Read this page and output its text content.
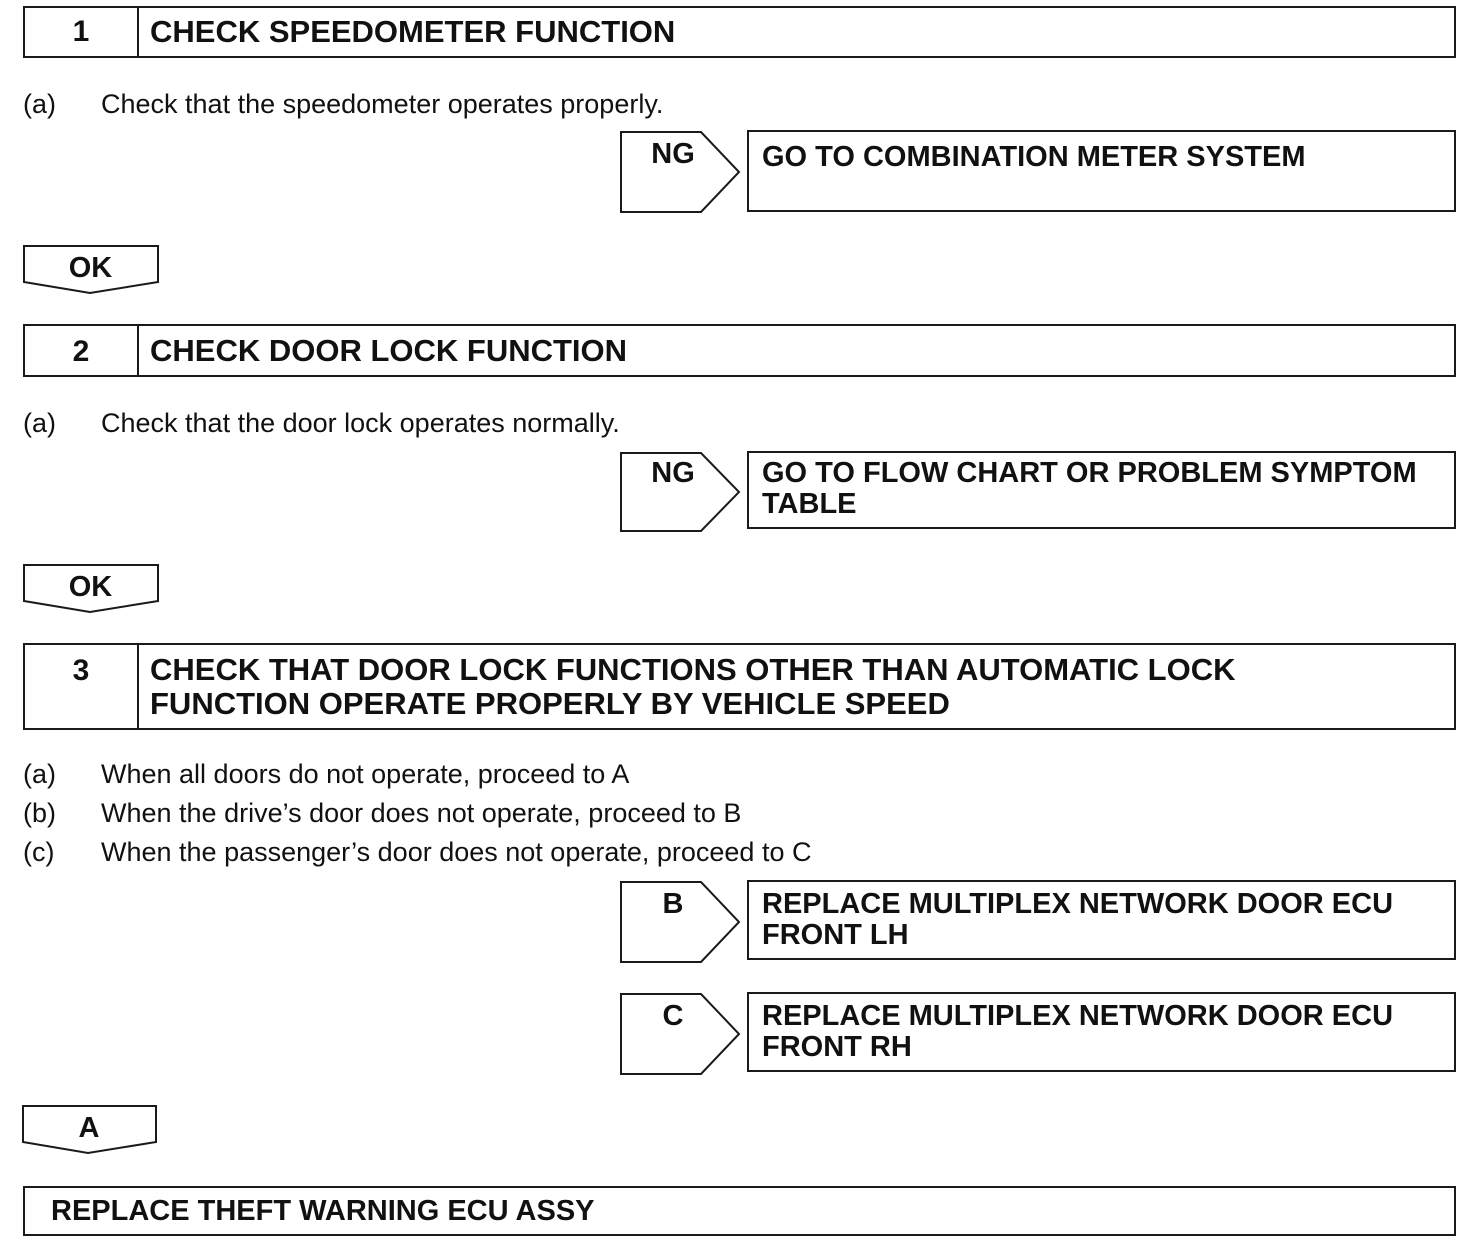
1	CHECK SPEEDOMETER FUNCTION
(a) Check that the speedometer operates properly.
NG	GO TO COMBINATION METER SYSTEM
OK
2	CHECK DOOR LOCK FUNCTION
(a) Check that the door lock operates normally.
NG	GO TO FLOW CHART OR PROBLEM SYMPTOM TABLE
OK
3	CHECK THAT DOOR LOCK FUNCTIONS OTHER THAN AUTOMATIC LOCK
FUNCTION OPERATE PROPERLY BY VEHICLE SPEED
(a) When all doors do not operate, proceed to A
(b) When the drive’s door does not operate, proceed to B
(c) When the passenger’s door does not operate, proceed to C
B	REPLACE MULTIPLEX NETWORK DOOR ECU
FRONT LH
C	REPLACE MULTIPLEX NETWORK DOOR ECU
FRONT RH
A
REPLACE THEFT WARNING ECU ASSY
